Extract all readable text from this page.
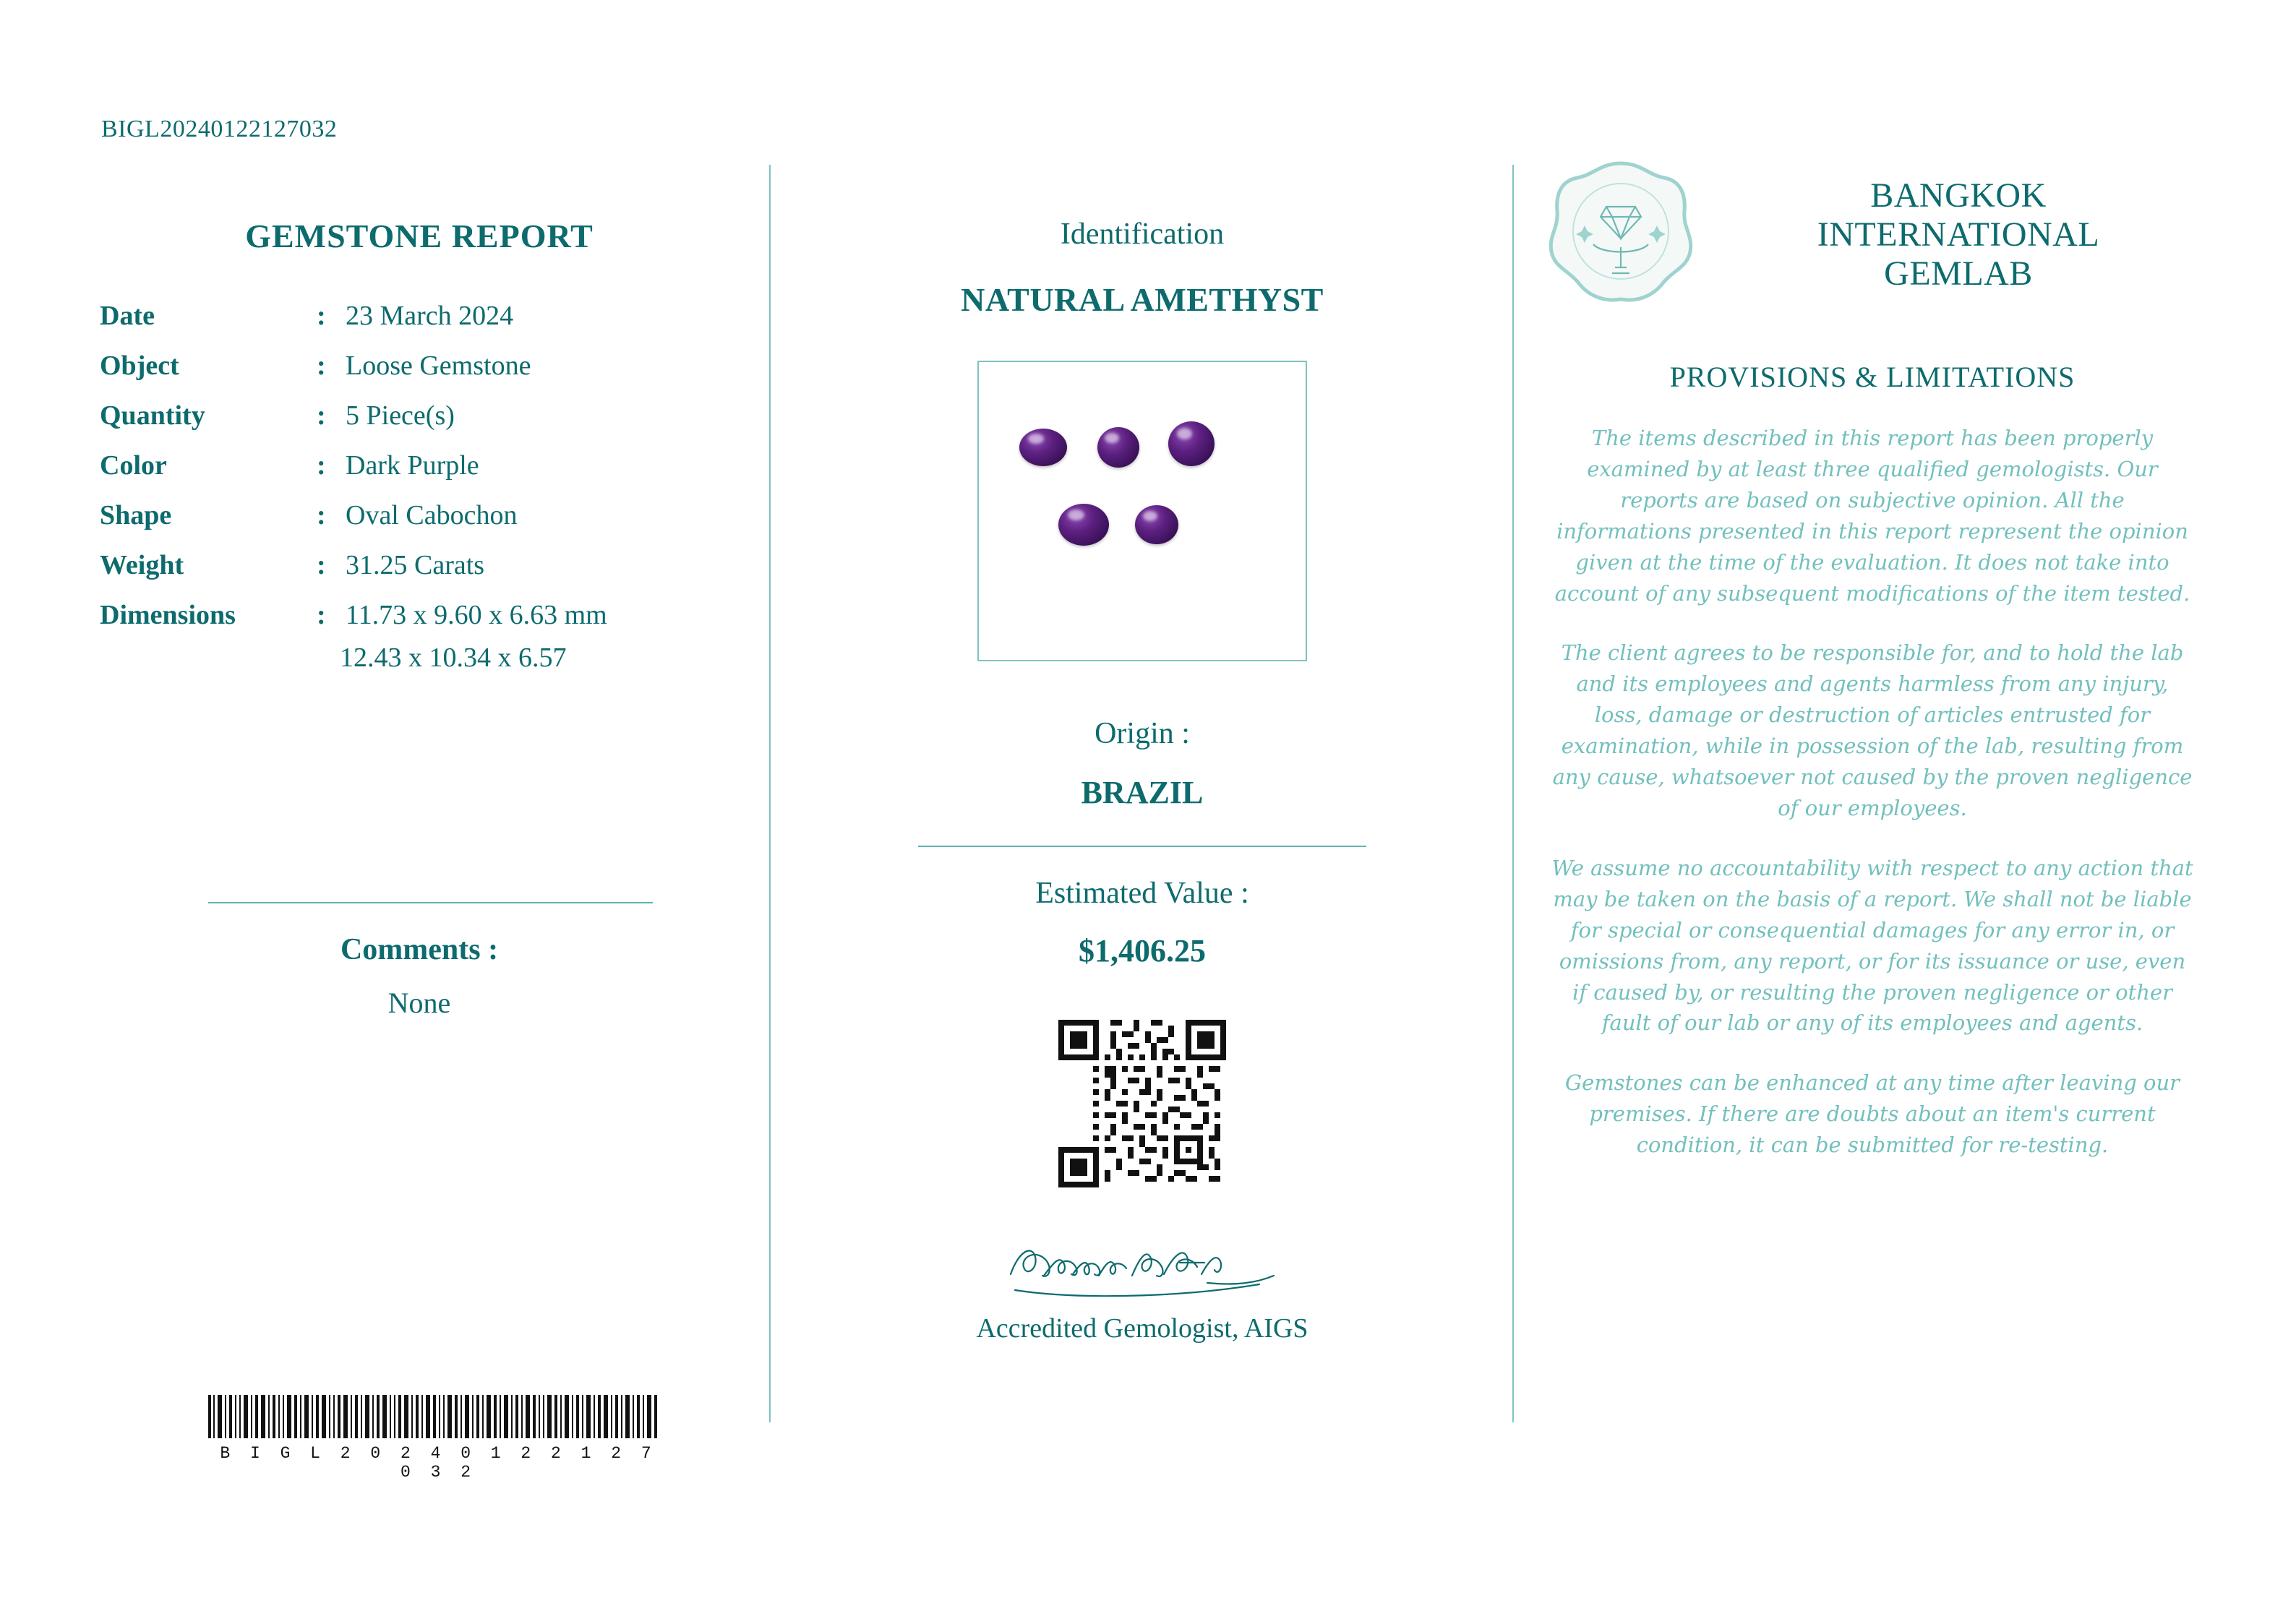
BIGL20240122127032
GEMSTONE REPORT
Date	:	23 March 2024
Object	:	Loose Gemstone
Quantity	:	5 Piece(s)
Color	:	Dark Purple
Shape	:	Oval Cabochon
Weight	:	31.25 Carats
Dimensions	:	11.73 x 9.60 x 6.63 mm
12.43 x 10.34 x 6.57
Comments :
None
B I G L 2 0 2 4 0 1 2 2 1 2 7 0 3 2
Identification
NATURAL AMETHYST
Origin :
BRAZIL
Estimated Value :
$1,406.25
Accredited Gemologist, AIGS
BANGKOK
INTERNATIONAL
GEMLAB
PROVISIONS & LIMITATIONS

The items described in this report has been properly examined by at least three qualified gemologists. Our reports are based on subjective opinion. All the informations presented in this report represent the opinion given at the time of the evaluation. It does not take into account of any subsequent modifications of the item tested.

The client agrees to be responsible for, and to hold the lab and its employees and agents harmless from any injury, loss, damage or destruction of articles entrusted for examination, while in possession of the lab, resulting from any cause, whatsoever not caused by the proven negligence of our employees.

We assume no accountability with respect to any action that may be taken on the basis of a report. We shall not be liable for special or consequential damages for any error in, or omissions from, any report, or for its issuance or use, even if caused by, or resulting the proven negligence or other fault of our lab or any of its employees and agents.

Gemstones can be enhanced at any time after leaving our premises. If there are doubts about an item's current condition, it can be submitted for re-testing.
